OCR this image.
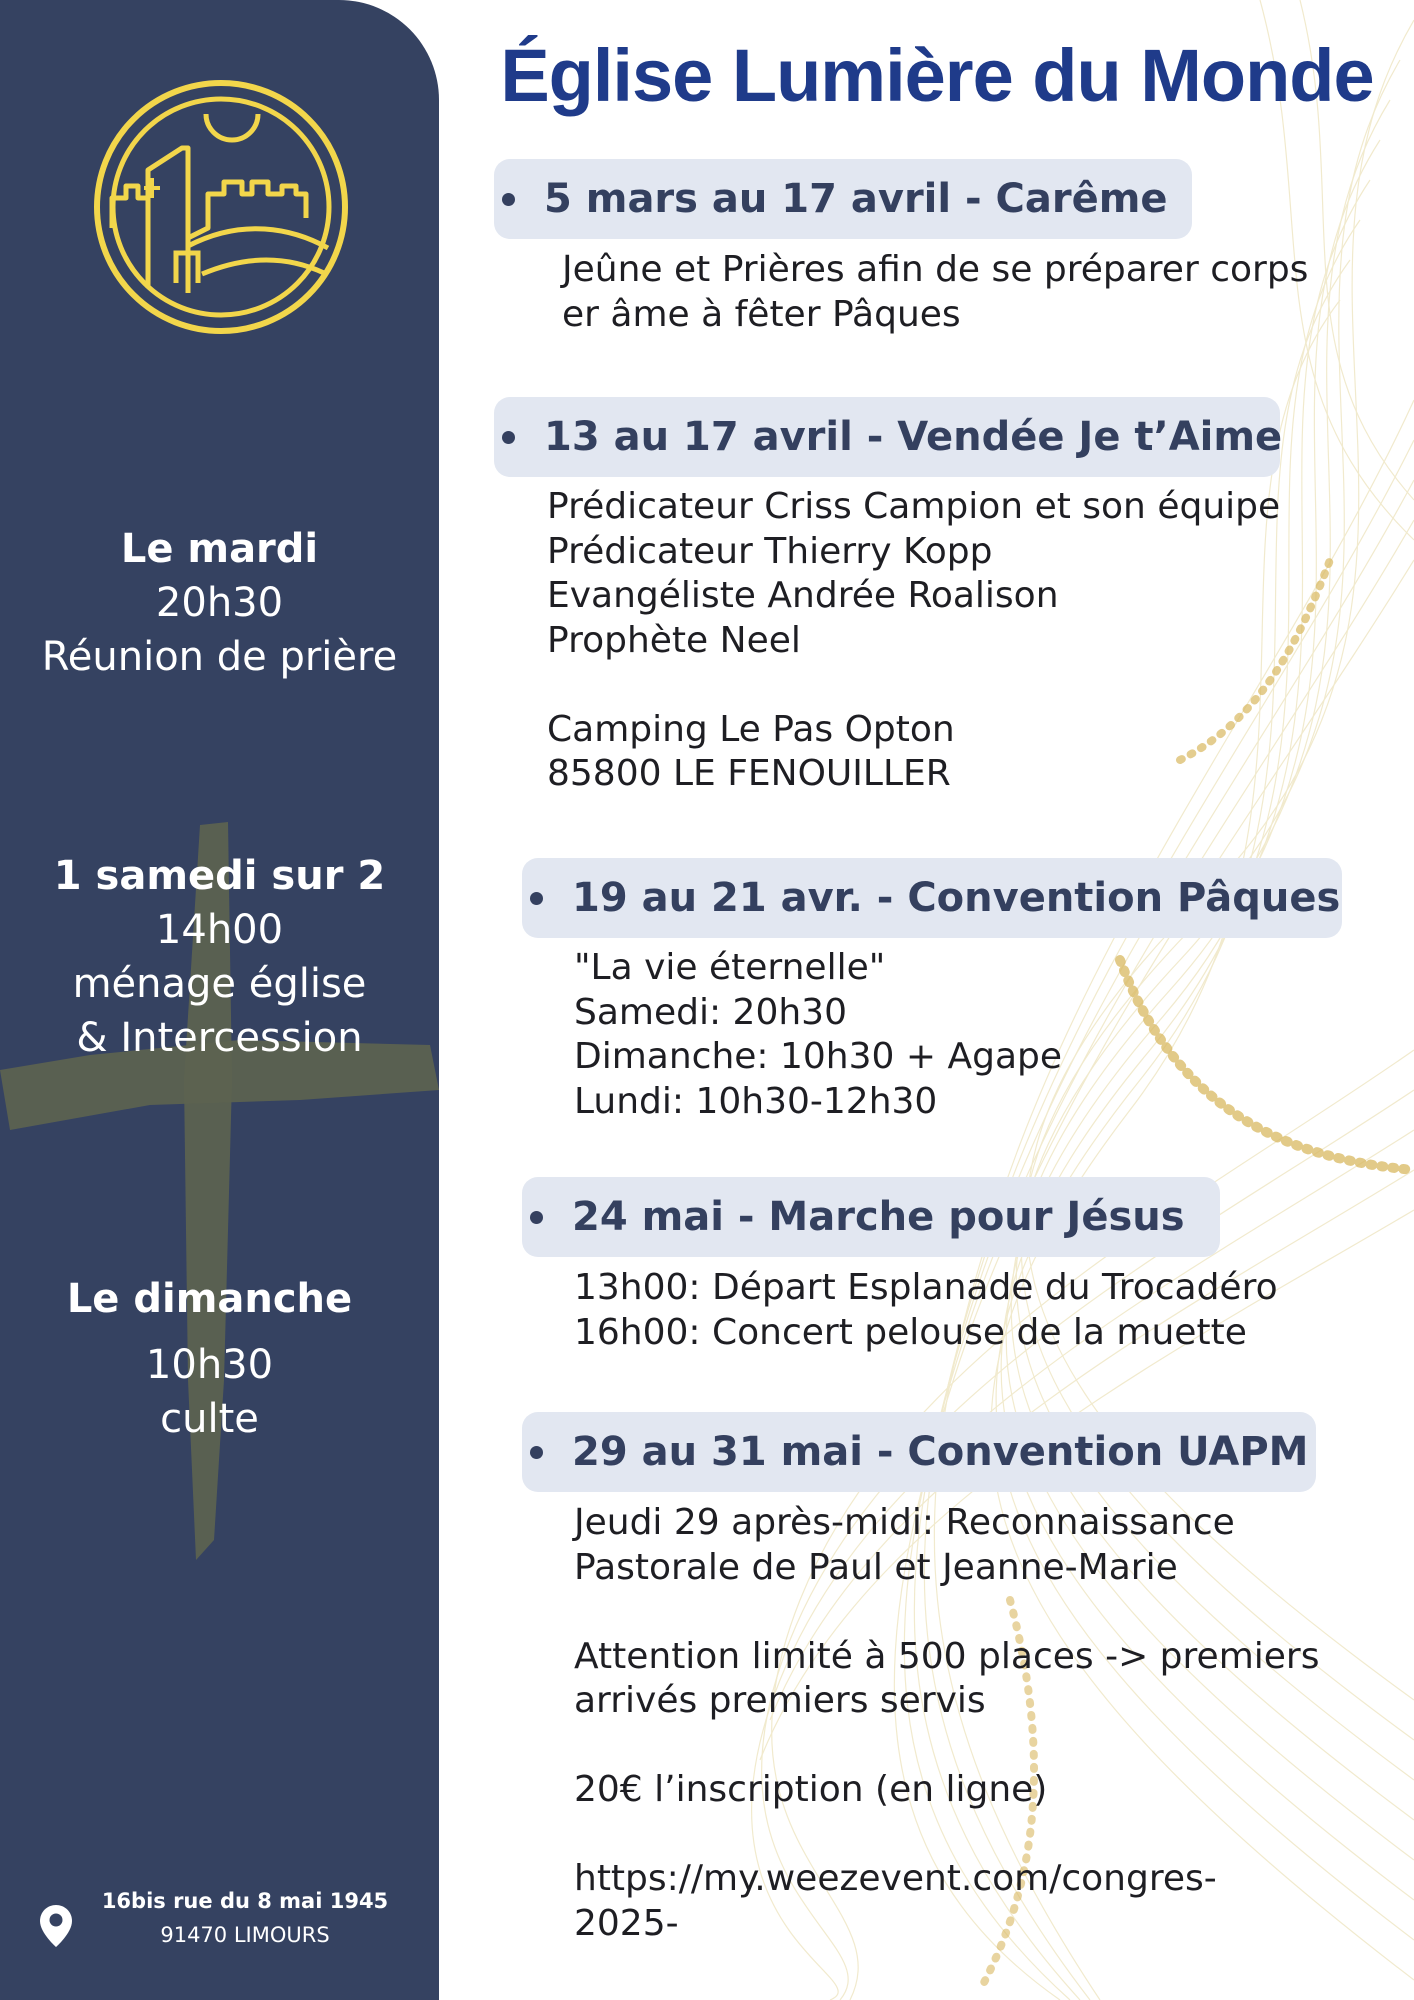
Le mardi
20h30
Réunion de prière
1 samedi sur 2
14h00
ménage église
& Intercession
Le dimanche
10h30
culte
16bis rue du 8 mai 1945
91470 LIMOURS
Église Lumière du Monde
5 mars au 17 avril - Carême
Jeûne et Prières afin de se préparer corps
er âme à fêter Pâques
13 au 17 avril - Vendée Je t’Aime
Prédicateur Criss Campion et son équipe
Prédicateur Thierry Kopp
Evangéliste Andrée Roalison
Prophète Neel
Camping Le Pas Opton
85800 LE FENOUILLER
19 au 21 avr. - Convention Pâques
"La vie éternelle"
Samedi: 20h30
Dimanche: 10h30 + Agape
Lundi: 10h30-12h30
24 mai - Marche pour Jésus
13h00: Départ Esplanade du Trocadéro
16h00: Concert pelouse de la muette
29 au 31 mai - Convention UAPM
Jeudi 29 après-midi: Reconnaissance
Pastorale de Paul et Jeanne-Marie
Attention limité à 500 places -> premiers
arrivés premiers servis
20€ l’inscription (en ligne)
https://my.weezevent.com/congres-
2025-
